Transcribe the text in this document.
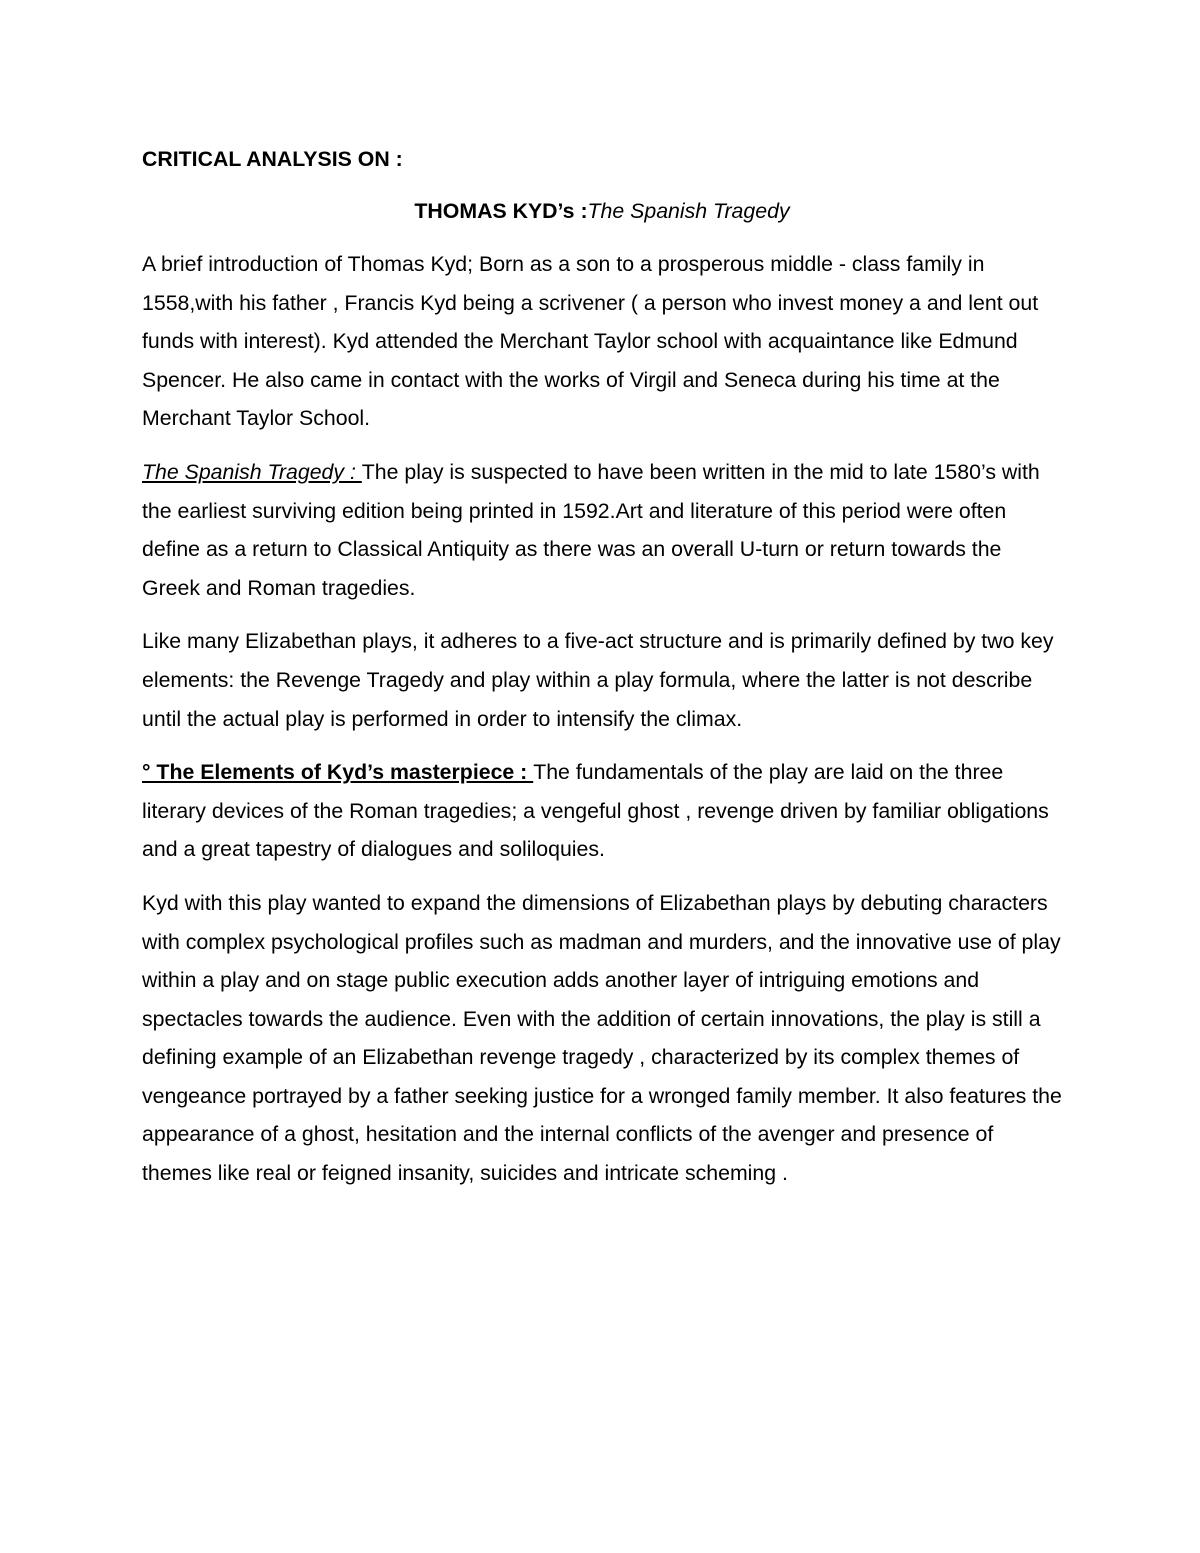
CRITICAL ANALYSIS ON :
THOMAS KYD’s :The Spanish Tragedy

A brief introduction of Thomas Kyd; Born as a son to a prosperous middle - class family in 1558,with his father , Francis Kyd being a scrivener ( a person who invest money a and lent out funds with interest). Kyd attended the Merchant Taylor school with acquaintance like Edmund Spencer. He also came in contact with the works of Virgil and Seneca during his time at the Merchant Taylor School.

The Spanish Tragedy : The play is suspected to have been written in the mid to late 1580’s with the earliest surviving edition being printed in 1592.Art and literature of this period were often define as a return to Classical Antiquity as there was an overall U-turn or return towards the Greek and Roman tragedies.

Like many Elizabethan plays, it adheres to a five-act structure and is primarily defined by two key elements: the Revenge Tragedy and play within a play formula, where the latter is not describe until the actual play is performed in order to intensify the climax.

° The Elements of Kyd’s masterpiece : The fundamentals of the play are laid on the three literary devices of the Roman tragedies; a vengeful ghost , revenge driven by familiar obligations and a great tapestry of dialogues and soliloquies.

Kyd with this play wanted to expand the dimensions of Elizabethan plays by debuting characters with complex psychological profiles such as madman and murders, and the innovative use of play within a play and on stage public execution adds another layer of intriguing emotions and spectacles towards the audience. Even with the addition of certain innovations, the play is still a defining example of an Elizabethan revenge tragedy , characterized by its complex themes of vengeance portrayed by a father seeking justice for a wronged family member. It also features the appearance of a ghost, hesitation and the internal conflicts of the avenger and presence of themes like real or feigned insanity, suicides and intricate scheming .
